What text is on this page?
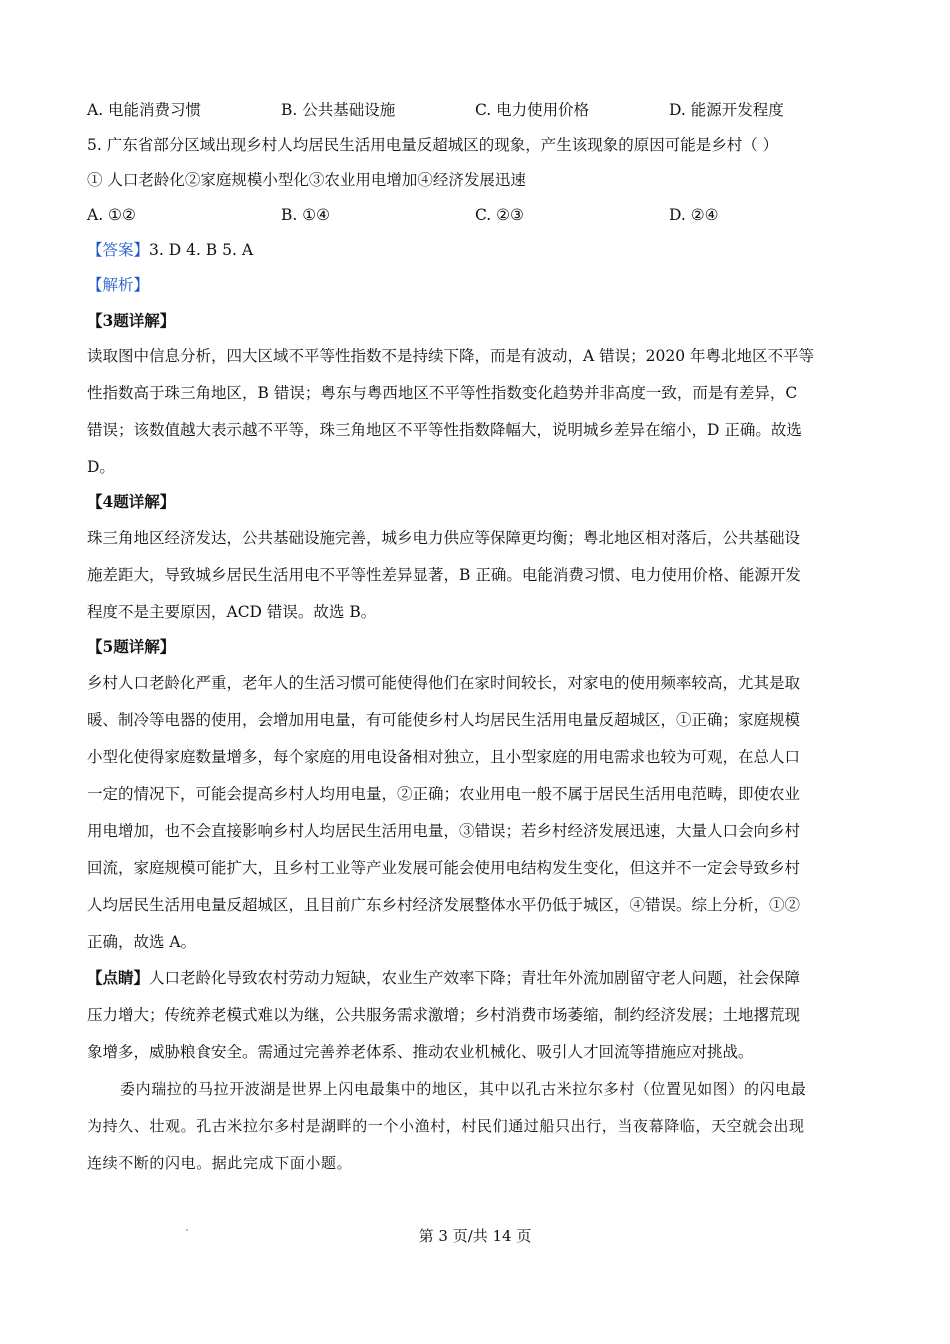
A. 电能消费习惯	B. 公共基础设施	C. 电力使用价格	D. 能源开发程度
5. 广东省部分区域出现乡村人均居民生活用电量反超城区的现象，产生该现象的原因可能是乡村（ ）
① 人口老龄化②家庭规模小型化③农业用电增加④经济发展迅速
A. ①②	B. ①④	C. ②③	D. ②④
【答案】3. D 4. B 5. A
【解析】
【3题详解】
读取图中信息分析，四大区域不平等性指数不是持续下降，而是有波动，A 错误；2020 年粤北地区不平等
性指数高于珠三角地区，B 错误；粤东与粤西地区不平等性指数变化趋势并非高度一致，而是有差异，C
错误；该数值越大表示越不平等，珠三角地区不平等性指数降幅大，说明城乡差异在缩小，D 正确。故选
D。
【4题详解】
珠三角地区经济发达，公共基础设施完善，城乡电力供应等保障更均衡；粤北地区相对落后，公共基础设
施差距大，导致城乡居民生活用电不平等性差异显著，B 正确。电能消费习惯、电力使用价格、能源开发
程度不是主要原因，ACD 错误。故选 B。
【5题详解】
乡村人口老龄化严重，老年人的生活习惯可能使得他们在家时间较长，对家电的使用频率较高，尤其是取
暖、制冷等电器的使用，会增加用电量，有可能使乡村人均居民生活用电量反超城区，①正确；家庭规模
小型化使得家庭数量增多，每个家庭的用电设备相对独立，且小型家庭的用电需求也较为可观，在总人口
一定的情况下，可能会提高乡村人均用电量，②正确；农业用电一般不属于居民生活用电范畴，即使农业
用电增加，也不会直接影响乡村人均居民生活用电量，③错误；若乡村经济发展迅速，大量人口会向乡村
回流，家庭规模可能扩大，且乡村工业等产业发展可能会使用电结构发生变化，但这并不一定会导致乡村
人均居民生活用电量反超城区，且目前广东乡村经济发展整体水平仍低于城区，④错误。综上分析，①②
正确，故选 A。
【点睛】人口老龄化导致农村劳动力短缺，农业生产效率下降；青壮年外流加剧留守老人问题，社会保障
压力增大；传统养老模式难以为继，公共服务需求激增；乡村消费市场萎缩，制约经济发展；土地撂荒现
象增多，威胁粮食安全。需通过完善养老体系、推动农业机械化、吸引人才回流等措施应对挑战。
委内瑞拉的马拉开波湖是世界上闪电最集中的地区，其中以孔古米拉尔多村（位置见如图）的闪电最
为持久、壮观。孔古米拉尔多村是湖畔的一个小渔村，村民们通过船只出行，当夜幕降临，天空就会出现
连续不断的闪电。据此完成下面小题。
第 3 页/共 14 页
